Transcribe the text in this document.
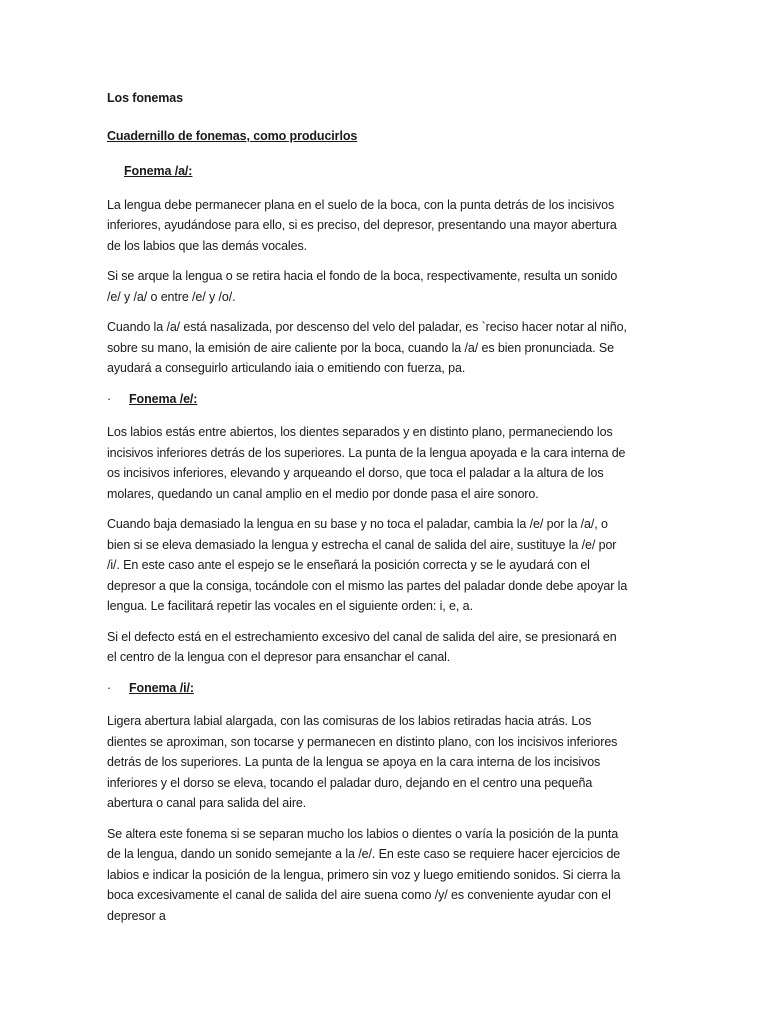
Los fonemas
Cuadernillo de fonemas, como producirlos
Fonema /a/:

La lengua debe permanecer plana en el suelo de la boca, con la punta detrás de los incisivos inferiores, ayudándose para ello, si es preciso, del depresor, presentando una mayor abertura de los labios que las demás vocales.

Si se arque la lengua o se retira hacia el fondo de la boca, respectivamente, resulta un sonido /e/ y /a/ o entre /e/ y /o/.

Cuando la /a/ está nasalizada, por descenso del velo del paladar, es `reciso hacer notar al niño, sobre su mano, la emisión de aire caliente por la boca, cuando la /a/ es bien pronunciada. Se ayudará a conseguirlo articulando iaia o emitiendo con fuerza, pa.

· Fonema /e/:

Los labios estás entre abiertos, los dientes separados y en distinto plano, permaneciendo los incisivos inferiores detrás de los superiores. La punta de la lengua apoyada e la cara interna de os incisivos inferiores, elevando y arqueando el dorso, que toca el paladar a la altura de los molares, quedando un canal amplio en el medio por donde pasa el aire sonoro.

Cuando baja demasiado la lengua en su base y no toca el paladar, cambia la /e/ por la /a/, o bien si se eleva demasiado la lengua y estrecha el canal de salida del aire, sustituye la /e/ por /i/. En este caso ante el espejo se le enseñará la posición correcta y se le ayudará con el depresor a que la consiga, tocándole con el mismo las partes del paladar donde debe apoyar la lengua. Le facilitará repetir las vocales en el siguiente orden: i, e, a.

Si el defecto está en el estrechamiento excesivo del canal de salida del aire, se presionará en el centro de la lengua con el depresor para ensanchar el canal.

· Fonema /i/:

Ligera abertura labial alargada, con las comisuras de los labios retiradas hacia atrás. Los dientes se aproximan, son tocarse y permanecen en distinto plano, con los incisivos inferiores detrás de los superiores. La punta de la lengua se apoya en la cara interna de los incisivos inferiores y el dorso se eleva, tocando el paladar duro, dejando en el centro una pequeña abertura o canal para salida del aire.

Se altera este fonema si se separan mucho los labios o dientes o varía la posición de la punta de la lengua, dando un sonido semejante a la /e/. En este caso se requiere hacer ejercicios de labios e indicar la posición de la lengua, primero sin voz y luego emitiendo sonidos. Si cierra la boca excesivamente el canal de salida del aire suena como /y/ es conveniente ayudar con el depresor a
